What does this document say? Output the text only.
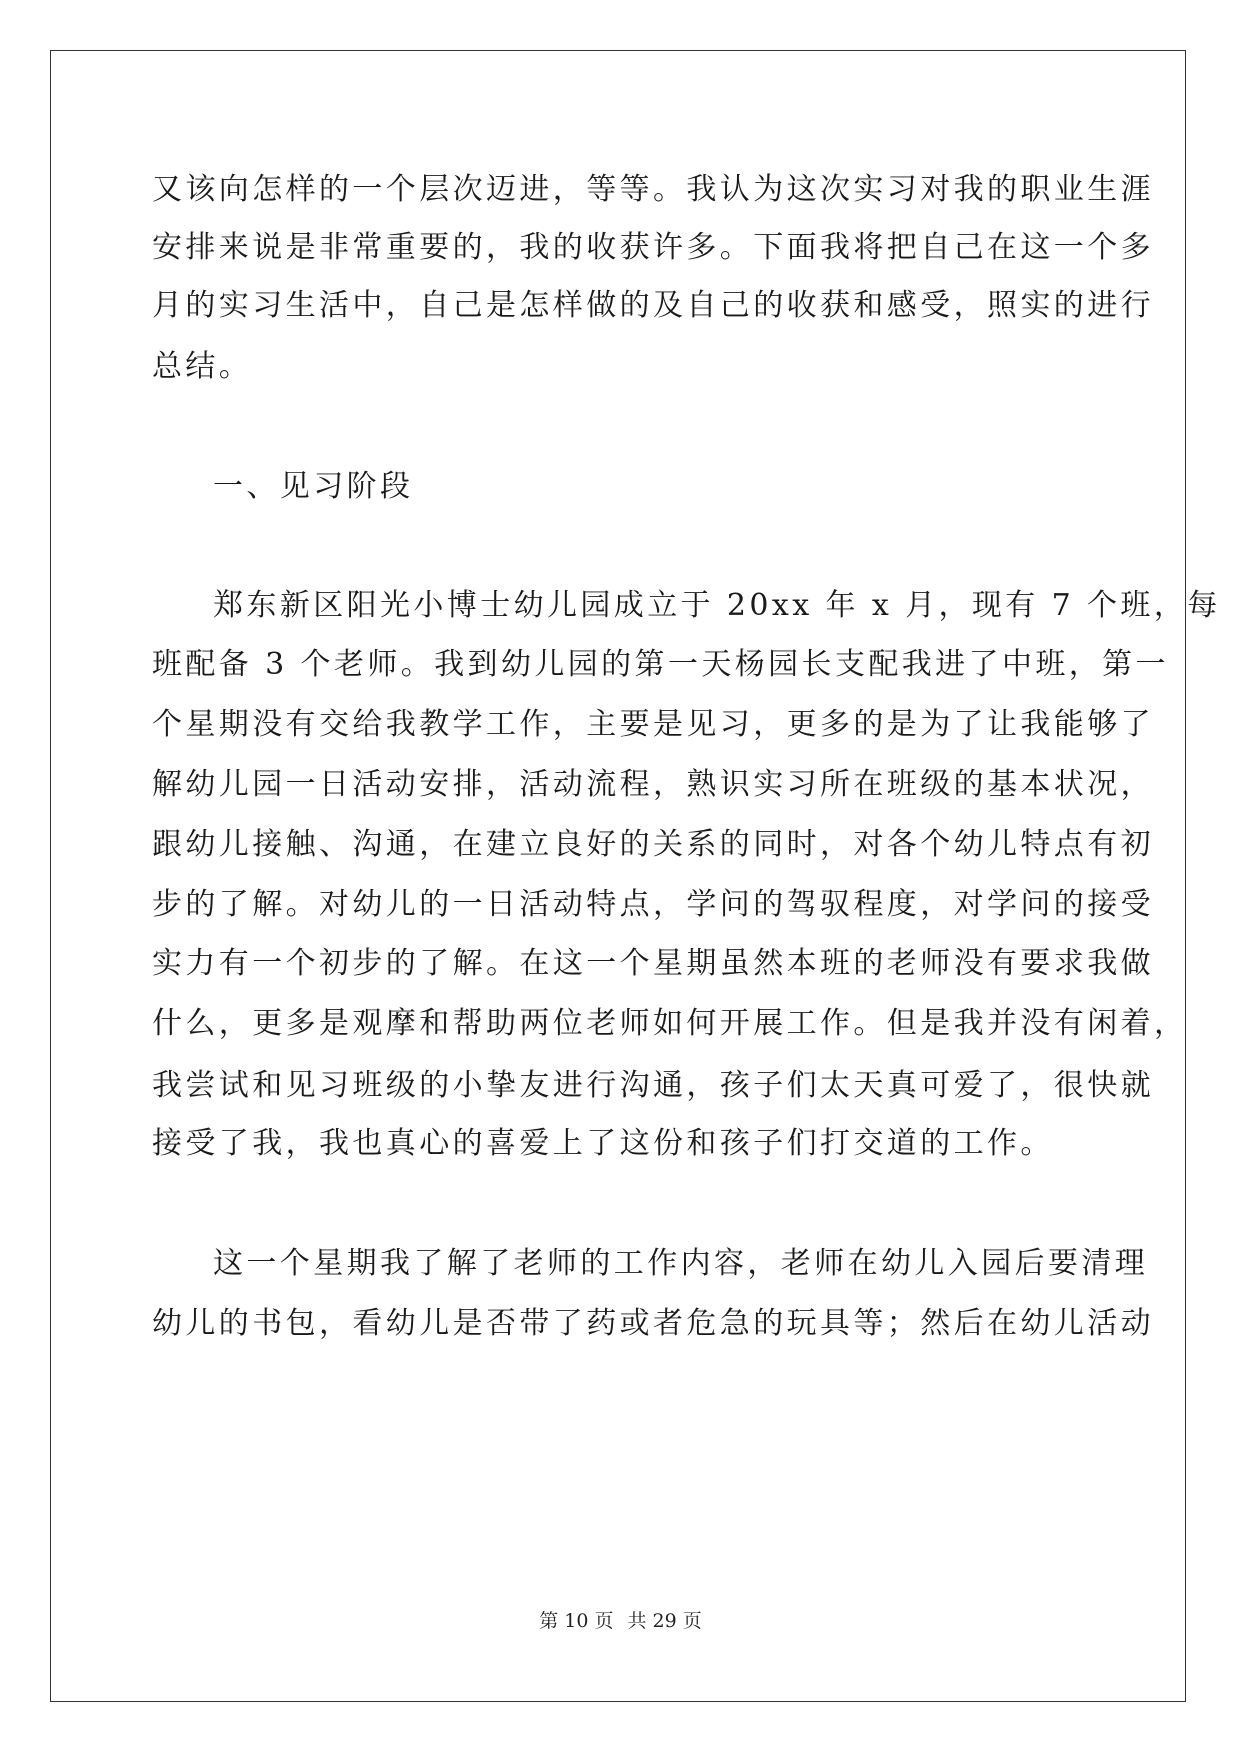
又该向怎样的一个层次迈进，等等。我认为这次实习对我的职业生涯
安排来说是非常重要的，我的收获许多。下面我将把自己在这一个多
月的实习生活中，自己是怎样做的及自己的收获和感受，照实的进行
总结。
一、见习阶段
郑东新区阳光小博士幼儿园成立于 20xx 年 x 月，现有 7 个班，每
班配备 3 个老师。我到幼儿园的第一天杨园长支配我进了中班，第一
个星期没有交给我教学工作，主要是见习，更多的是为了让我能够了
解幼儿园一日活动安排，活动流程，熟识实习所在班级的基本状况，
跟幼儿接触、沟通，在建立良好的关系的同时，对各个幼儿特点有初
步的了解。对幼儿的一日活动特点，学问的驾驭程度，对学问的接受
实力有一个初步的了解。在这一个星期虽然本班的老师没有要求我做
什么，更多是观摩和帮助两位老师如何开展工作。但是我并没有闲着，
我尝试和见习班级的小挚友进行沟通，孩子们太天真可爱了，很快就
接受了我，我也真心的喜爱上了这份和孩子们打交道的工作。
这一个星期我了解了老师的工作内容，老师在幼儿入园后要清理
幼儿的书包，看幼儿是否带了药或者危急的玩具等；然后在幼儿活动
第 10 页 共 29 页
